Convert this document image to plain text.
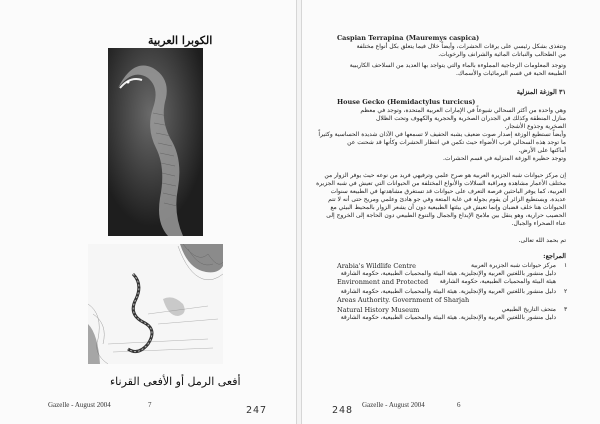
الكوبرا العربية
أفعى الرمل أو الأفعى القرناء
Gazelle - August 2004	7	247
Caspian Terrapina (Mauremys caspica)
وتتغذى بشكل رئيسي على يرقات الحشرات، وأيضاً خلال فيما يتعلق بكل أنواع مختلفة
من الطحالب والنباتات المائية والشرانف والرخويات.
وتوجد المعلومات الزجاجية المملوءة بالماء والتي يتواجد بها العديد من السلاحف الكاريبية
الطبيعة الحية في قسم البرمائيات والأسماك.
٣١ الوزغة المنزلية
House Gecko (Hemidactylus turcicus)
وهي واحدة من أكثر السحالي شيوعاً في الإمارات العربية المتحدة، وتوجد في معظم
منازل المنطقة وكذلك في الجدران الصخرية والحجرية والكهوف وتحت الظلال
الصخرية وجذوع الأشجار.
وأيضاً تستطيع الوزغة إصدار صوت ضعيف يشبه الحفيف لا تسمعها في الآذان شديدة الحساسية وكثيراً
ما توجد هذه السحالي قرب الأضواء حيث تكمن في انتظار الحشرات وكأنها قد شحنت عن
أماكنها على الأرض.
وتوجد حظيرة الوزغة المنزلية في قسم الحشرات.
إن مركز حيوانات شبه الجزيرة العربية هو صرح علمي وترفيهي فريد من نوعه حيث يوفر الزوار من
مختلف الأعمار مشاهدة ومراقبة السلالات والأنواع المختلفة من الحيوانات التي تعيش في شبه الجزيرة
العربية، كما يوفر الباحثين فرصة التعرف على حيوانات قد تستغرق مشاهدتها في الطبيعة سنوات
عديدة. ويستطيع الزائر أن يقوم بجولة في غاية المتعة وفي جو هادئ وعلمي ومريح حتى أنه لا تتم
الحيوانات هنا خلف قضبان وإنما تعيش في بيئتها الطبيعية دون أن يشعر الزوار بالمحيط البيئي مع
الحصيب حرارية، وهو ينقل بين ملامح الإبداع والجمال والتنوع الطبيعي دون الحاجة إلى الخروج إلى
عناء الصحراء والجبال.
تم بحمد الله تعالى.
المراجع:
١
مركز حيوانات شبه الجزيرة العربية
Arabia's Wildlife Centre
دليل منشور باللغتين العربية والإنجليزية. هيئة البيئة والمحميات الطبيعية، حكومة الشارقة
Environment and Protected هيئة البيئة والمحميات الطبيعية، حكومة الشارقة
٢
دليل منشور باللغتين العربية والإنجليزية. هيئة البيئة والمحميات الطبيعية، حكومة الشارقة
Areas Authority. Government of Sharjah
٣
متحف التاريخ الطبيعي
Natural History Museum
دليل منشور باللغتين العربية والإنجليزية. هيئة البيئة والمحميات الطبيعية، حكومة الشارقة
248 Gazelle - August 2004	6
